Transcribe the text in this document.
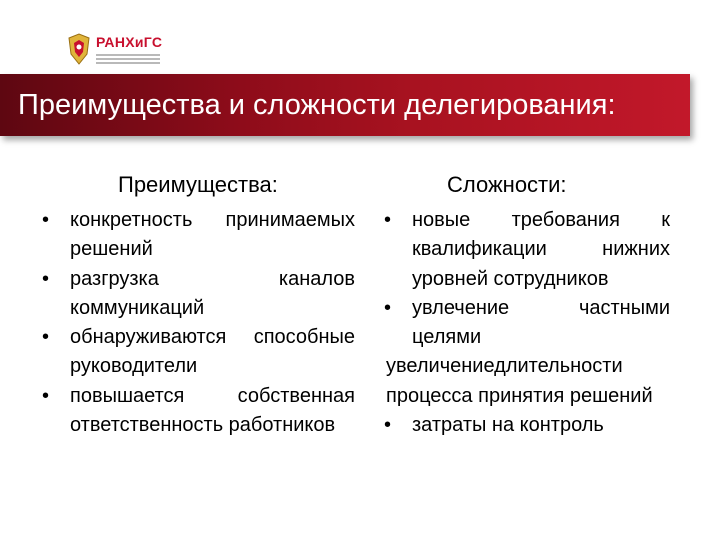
РАНХиГС
Преимущества и сложности делегирования:
Преимущества:	Сложности:
• конкретность принимаемых решений
• разгрузка каналов коммуникаций
• обнаруживаются способные руководители
• повышается собственная ответственность работников
• новые требования к квалификации нижних уровней сотрудников
• увлечение частными целями
увеличениедлительности процесса принятия решений
• затраты на контроль
